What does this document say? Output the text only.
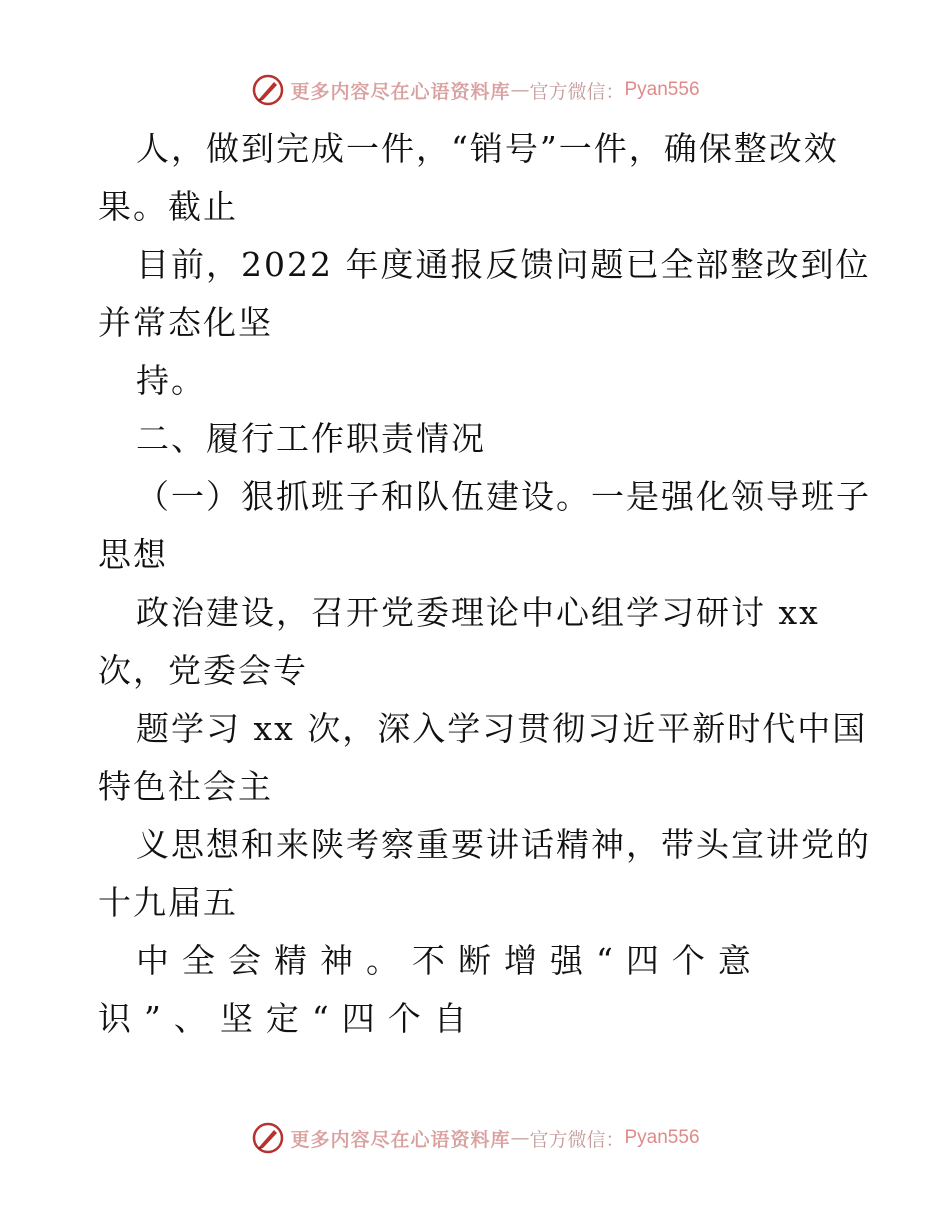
更多内容尽在心语资料库 — 官方微信： Pyan556
人，做到完成一件，“销号”一件，确保整改效
果。截止
目前，2022 年度通报反馈问题已全部整改到位
并常态化坚
持。
二、履行工作职责情况
（一）狠抓班子和队伍建设。一是强化领导班子
思想
政治建设，召开党委理论中心组学习研讨 xx
次，党委会专
题学习 xx 次，深入学习贯彻习近平新时代中国
特色社会主
义思想和来陕考察重要讲话精神，带头宣讲党的
十九届五
中全会精神。不断增强“四个意
识”、坚定“四个自
更多内容尽在心语资料库 — 官方微信： Pyan556
